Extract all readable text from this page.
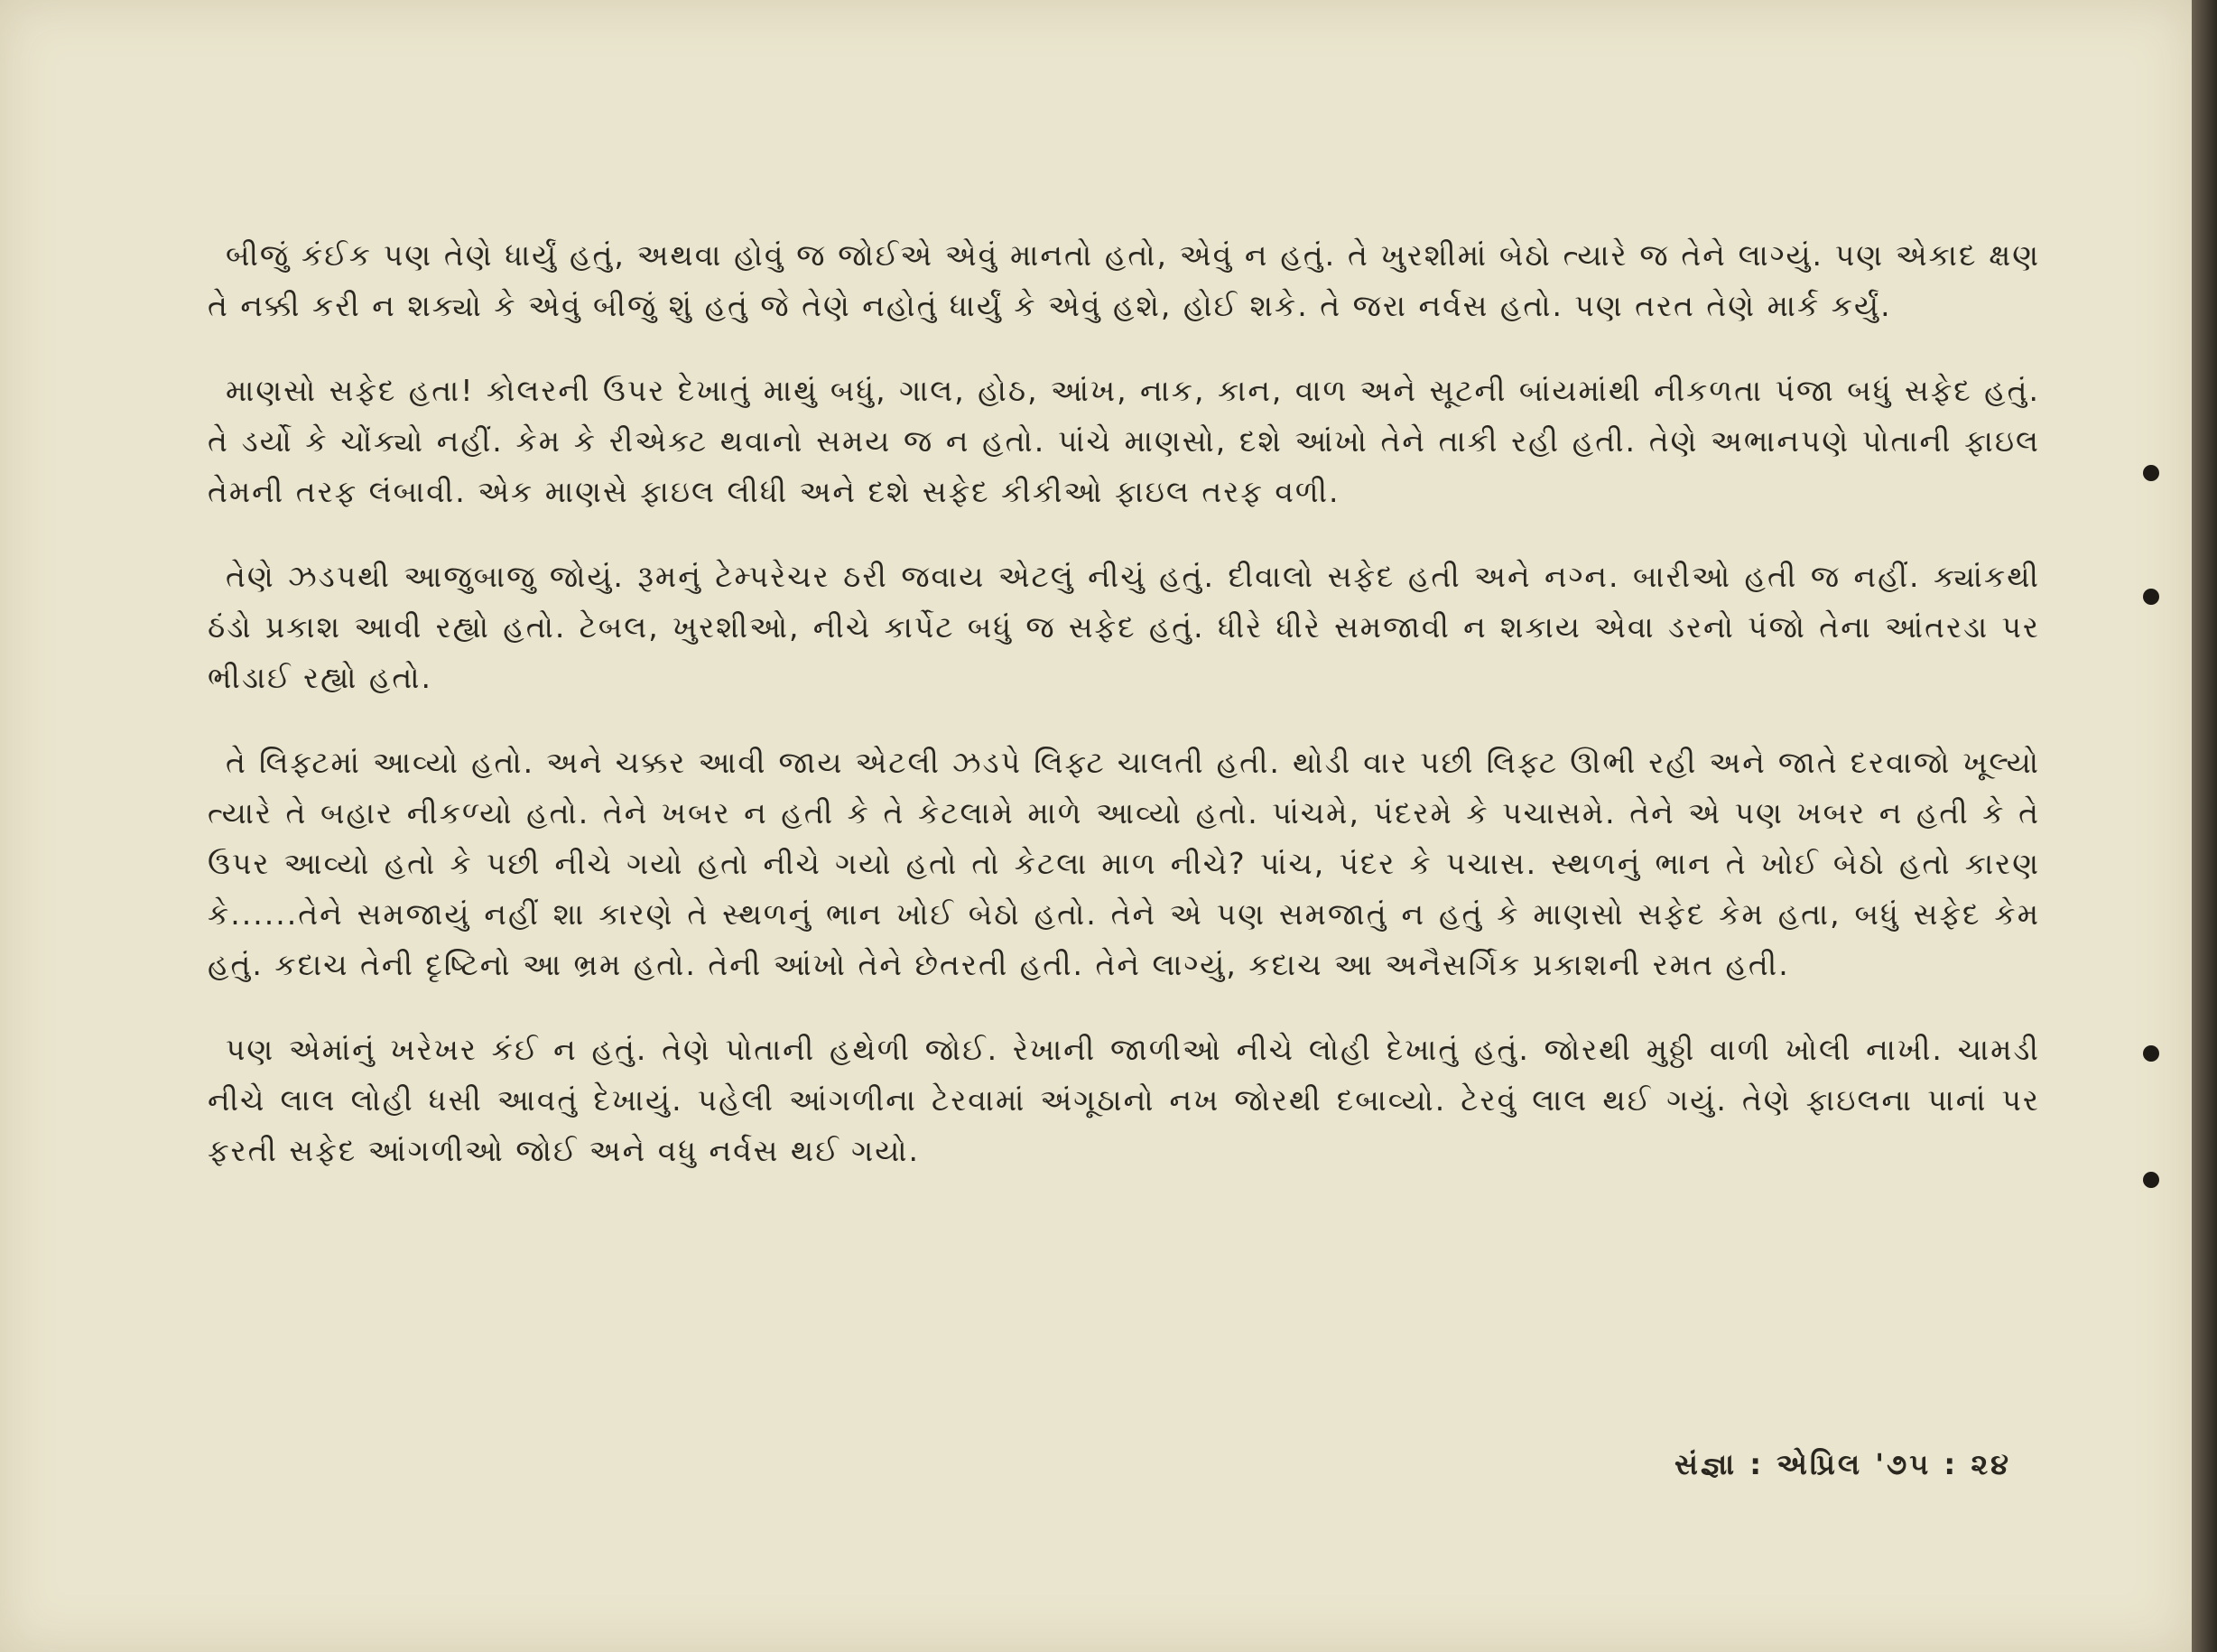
બીજું કંઈક પણ તેણે ધાર્યું હતું, અથવા હોવું જ જોઈએ એવું માનતો હતો, એવું ન હતું. તે ખુરશીમાં બેઠો ત્યારે જ તેને લાગ્યું. પણ એકાદ ક્ષણ તે નક્કી કરી ન શક્યો કે એવું બીજું શું હતું જે તેણે નહોતું ધાર્યું કે એવું હશે, હોઈ શકે. તે જરા નર્વસ હતો. પણ તરત તેણે માર્ક કર્યું.

માણસો સફેદ હતા! કોલરની ઉપર દેખાતું માથું બધું, ગાલ, હોઠ, આંખ, નાક, કાન, વાળ અને સૂટની બાંયમાંથી નીકળતા પંજા બધું સફેદ હતું. તે ડર્યો કે ચોંક્યો નહીં. કેમ કે રીએક્ટ થવાનો સમય જ ન હતો. પાંચે માણસો, દશે આંખો તેને તાકી રહી હતી. તેણે અભાનપણે પોતાની ફાઇલ તેમની તરફ લંબાવી. એક માણસે ફાઇલ લીધી અને દશે સફેદ કીકીઓ ફાઇલ તરફ વળી.

તેણે ઝડપથી આજુબાજુ જોયું. રૂમનું ટેમ્પરેચર ઠરી જવાય એટલું નીચું હતું. દીવાલો સફેદ હતી અને નગ્ન. બારીઓ હતી જ નહીં. ક્યાંકથી ઠંડો પ્રકાશ આવી રહ્યો હતો. ટેબલ, ખુરશીઓ, નીચે કાર્પેટ બધું જ સફેદ હતું. ધીરે ધીરે સમજાવી ન શકાય એવા ડરનો પંજો તેના આંતરડા પર ભીડાઈ રહ્યો હતો.

તે લિફ્ટમાં આવ્યો હતો. અને ચક્કર આવી જાય એટલી ઝડપે લિફ્ટ ચાલતી હતી. થોડી વાર પછી લિફ્ટ ઊભી રહી અને જાતે દરવાજો ખૂલ્યો ત્યારે તે બહાર નીકળ્યો હતો. તેને ખબર ન હતી કે તે કેટલામે માળે આવ્યો હતો. પાંચમે, પંદરમે કે પચાસમે. તેને એ પણ ખબર ન હતી કે તે ઉપર આવ્યો હતો કે પછી નીચે ગયો હતો નીચે ગયો હતો તો કેટલા માળ નીચે? પાંચ, પંદર કે પચાસ. સ્થળનું ભાન તે ખોઈ બેઠો હતો કારણ કે......તેને સમજાયું નહીં શા કારણે તે સ્થળનું ભાન ખોઈ બેઠો હતો. તેને એ પણ સમજાતું ન હતું કે માણસો સફેદ કેમ હતા, બધું સફેદ કેમ હતું. કદાચ તેની દૃષ્ટિનો આ ભ્રમ હતો. તેની આંખો તેને છેતરતી હતી. તેને લાગ્યું, કદાચ આ અનૈસર્ગિક પ્રકાશની રમત હતી.

પણ એમાંનું ખરેખર કંઈ ન હતું. તેણે પોતાની હથેળી જોઈ. રેખાની જાળીઓ નીચે લોહી દેખાતું હતું. જોરથી મુઠ્ઠી વાળી ખોલી નાખી. ચામડી નીચે લાલ લોહી ધસી આવતું દેખાયું. પહેલી આંગળીના ટેરવામાં અંગૂઠાનો નખ જોરથી દબાવ્યો. ટેરવું લાલ થઈ ગયું. તેણે ફાઇલના પાનાં પર ફરતી સફેદ આંગળીઓ જોઈ અને વધુ નર્વસ થઈ ગયો.

સંજ્ઞા : એપ્રિલ '૭૫ : ૨૪
